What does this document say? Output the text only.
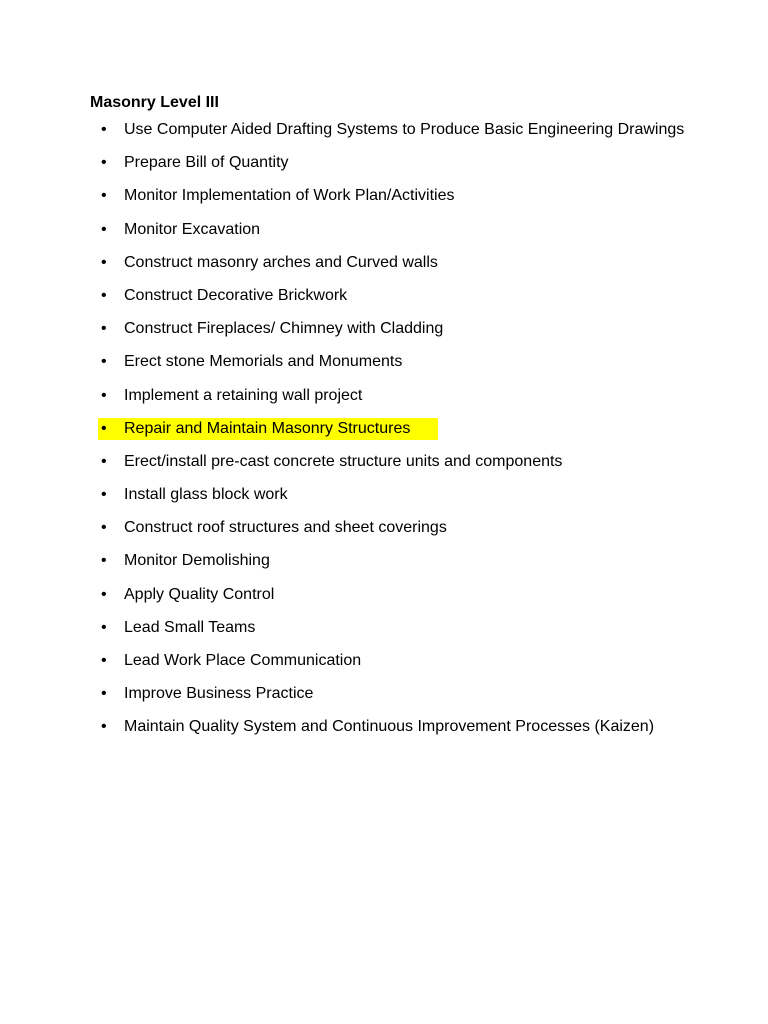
Masonry Level III
•	Use Computer Aided Drafting Systems to Produce Basic Engineering Drawings
•	Prepare Bill of Quantity
•	Monitor Implementation of Work Plan/Activities
•	Monitor Excavation
•	Construct masonry arches and Curved walls
•	Construct Decorative Brickwork
•	Construct Fireplaces/ Chimney with Cladding
•	Erect stone Memorials and Monuments
•	Implement a retaining wall project
•	Repair and Maintain Masonry Structures
•	Erect/install pre-cast concrete structure units and components
•	Install glass block work
•	Construct roof structures and sheet coverings
•	Monitor Demolishing
•	Apply Quality Control
•	Lead Small Teams
•	Lead Work Place Communication
•	Improve Business Practice
•	Maintain Quality System and Continuous Improvement Processes (Kaizen)
